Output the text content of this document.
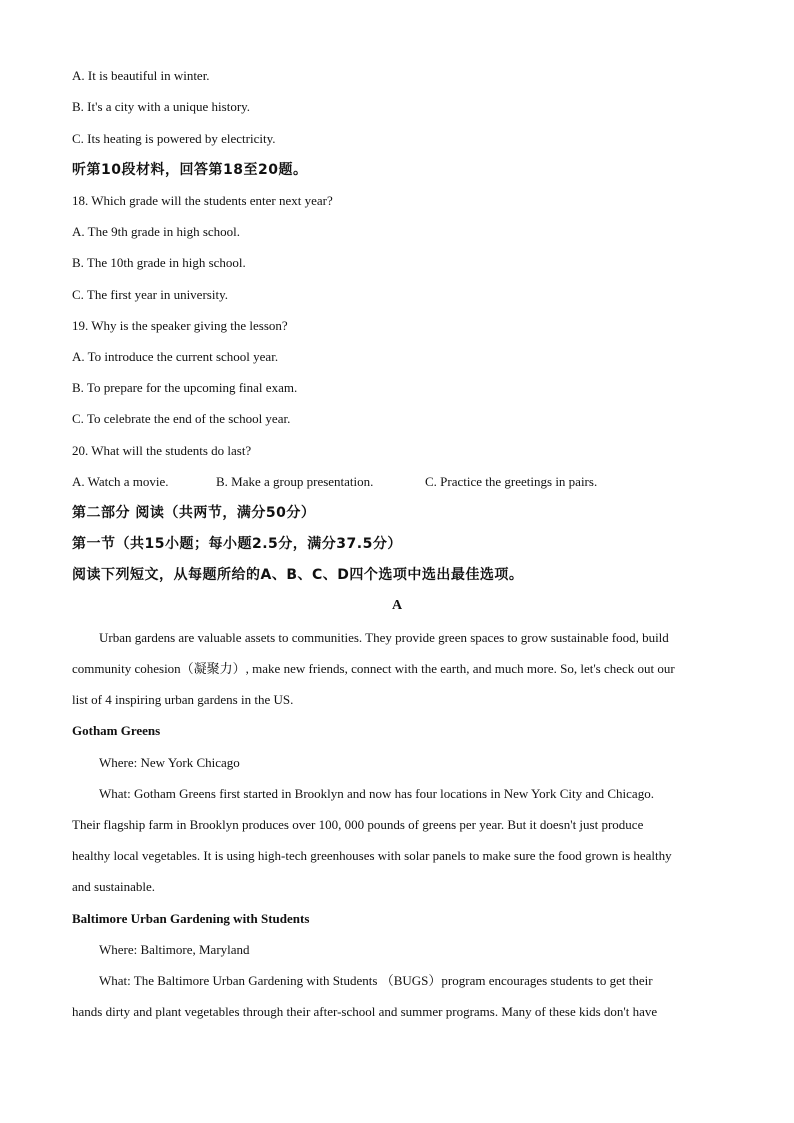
A. It is beautiful in winter.
B. It's a city with a unique history.
C. Its heating is powered by electricity.
听第10段材料，回答第18至20题。
18. Which grade will the students enter next year?
A. The 9th grade in high school.
B. The 10th grade in high school.
C. The first year in university.
19. Why is the speaker giving the lesson?
A. To introduce the current school year.
B. To prepare for the upcoming final exam.
C. To celebrate the end of the school year.
20. What will the students do last?
A. Watch a movie.	B. Make a group presentation.	C. Practice the greetings in pairs.
第二部分 阅读（共两节，满分50分）
第一节（共15小题；每小题2.5分，满分37.5分）
阅读下列短文，从每题所给的A、B、C、D四个选项中选出最佳选项。
A
Urban gardens are valuable assets to communities. They provide green spaces to grow sustainable food, build
community cohesion（凝聚力）, make new friends, connect with the earth, and much more. So, let's check out our
list of 4 inspiring urban gardens in the US.
Gotham Greens
Where: New York Chicago
What: Gotham Greens first started in Brooklyn and now has four locations in New York City and Chicago.
Their flagship farm in Brooklyn produces over 100, 000 pounds of greens per year. But it doesn't just produce
healthy local vegetables. It is using high-tech greenhouses with solar panels to make sure the food grown is healthy
and sustainable.
Baltimore Urban Gardening with Students
Where: Baltimore, Maryland
What: The Baltimore Urban Gardening with Students （BUGS）program encourages students to get their
hands dirty and plant vegetables through their after-school and summer programs. Many of these kids don't have
